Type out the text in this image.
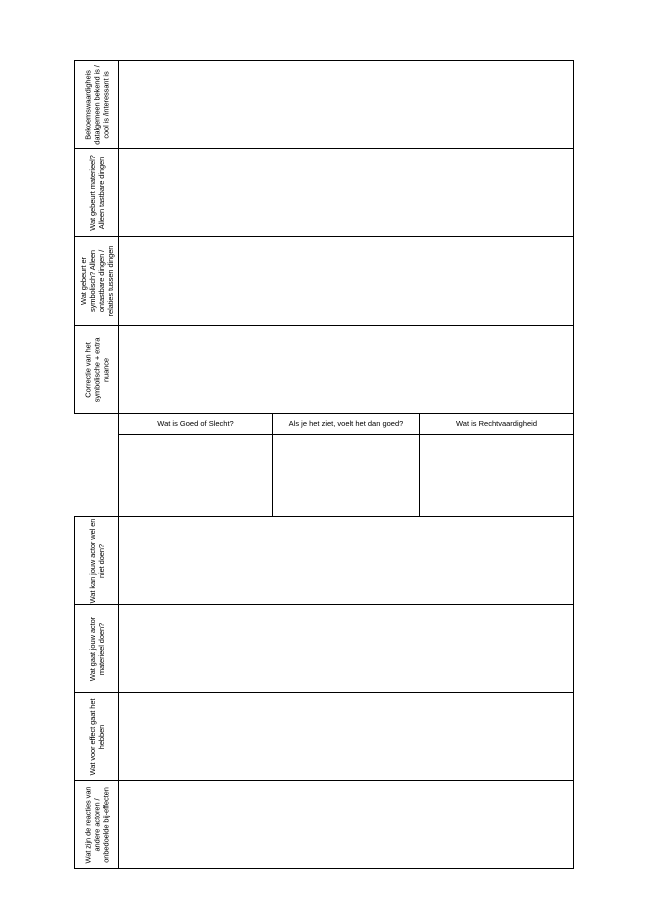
Bekoemswaardigheis datalgemeen bekend is / cool is /interessant is
Wat gebeurt materieel? Alleen tastbare dingen
Wat gebeurt er symbolisch? Alleen ontastbare dingen / relaties tussen dingen
Correctie van het symbolische + extra nuance
Wat is Goed of Slecht?	Als je het ziet, voelt het dan goed?	Wat is Rechtvaardigheid
Wat kan jouw actor wel en niet doen?
Wat gaat jouw actor materieel doen?
Wat voor effect gaat het hebben
Wat zijn de reacties van andere actoren / onbedoelde bij-effecten
